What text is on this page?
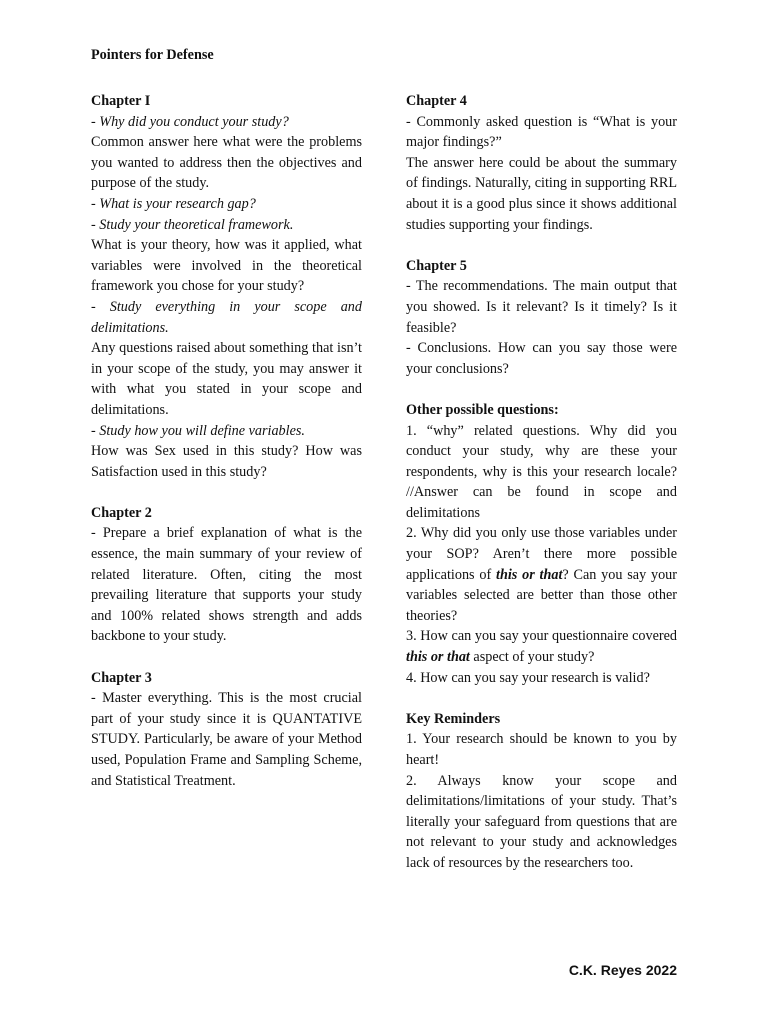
Pointers for Defense

Chapter I

- Why did you conduct your study?

Common answer here what were the problems you wanted to address then the objectives and purpose of the study.

- What is your research gap?

- Study your theoretical framework.

What is your theory, how was it applied, what variables were involved in the theoretical framework you chose for your study?

- Study everything in your scope and delimitations.

Any questions raised about something that isn’t in your scope of the study, you may answer it with what you stated in your scope and delimitations.

- Study how you will define variables.

How was Sex used in this study? How was Satisfaction used in this study?

Chapter 2

- Prepare a brief explanation of what is the essence, the main summary of your review of related literature. Often, citing the most prevailing literature that supports your study and 100% related shows strength and adds backbone to your study.

Chapter 3

- Master everything. This is the most crucial part of your study since it is QUANTATIVE STUDY. Particularly, be aware of your Method used, Population Frame and Sampling Scheme, and Statistical Treatment.

Chapter 4

- Commonly asked question is “What is your major findings?”

The answer here could be about the summary of findings. Naturally, citing in supporting RRL about it is a good plus since it shows additional studies supporting your findings.

Chapter 5

- The recommendations. The main output that you showed. Is it relevant? Is it timely? Is it feasible?

- Conclusions. How can you say those were your conclusions?

Other possible questions:

1. “why” related questions. Why did you conduct your study, why are these your respondents, why is this your research locale? //Answer can be found in scope and delimitations

2. Why did you only use those variables under your SOP? Aren’t there more possible applications of this or that? Can you say your variables selected are better than those other theories?

3. How can you say your questionnaire covered this or that aspect of your study?

4. How can you say your research is valid?

Key Reminders

1. Your research should be known to you by heart!

2. Always know your scope and delimitations/limitations of your study. That’s literally your safeguard from questions that are not relevant to your study and acknowledges lack of resources by the researchers too.

C.K. Reyes 2022
